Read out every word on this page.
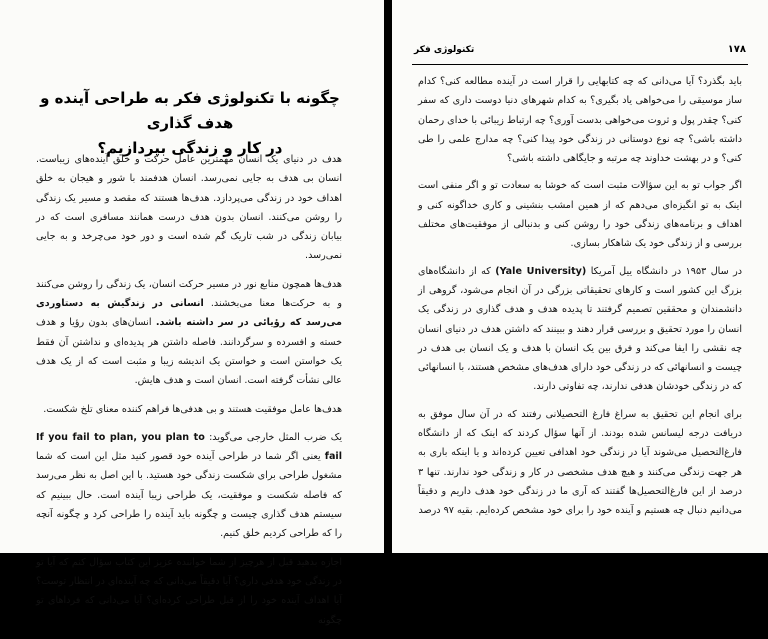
چگونه با تکنولوژی فکر به طراحی آینده و هدف گذاری
در کار و زندگی بپردازیم؟

هدف در دنیای یک انسان مهمترین عامل حرکت و خلق آینده‌های زیباست. انسان بی هدف به جایی نمی‌رسد. انسان هدفمند با شور و هیجان به خلق اهداف خود در زندگی می‌پردازد. هدف‌ها هستند که مقصد و مسیر یک زندگی را روشن می‌کنند. انسان بدون هدف درست همانند مسافری است که در بیابان زندگی در شب تاریک گم شده است و دور خود می‌چرخد و به جایی نمی‌رسد.

هدف‌ها همچون منابع نور در مسیر حرکت انسان، یک زندگی را روشن می‌کنند و به حرکت‌ها معنا می‌بخشند. انسانی در زندگیش به دستاوردی می‌رسد که رؤیائی در سر داشته باشد. انسان‌های بدون رؤیا و هدف خسته و افسرده و سرگردانند. فاصله داشتن هر پدیده‌ای و نداشتن آن فقط یک خواستن است و خواستن یک اندیشه زیبا و مثبت است که از یک هدف عالی نشأت گرفته است. انسان است و هدف هایش.

هدف‌ها عامل موفقیت هستند و بی هدفی‌ها فراهم کننده معنای تلخ شکست.

یک ضرب المثل خارجی می‌گوید: If you fail to plan, you plan to fail یعنی اگر شما در طراحی آینده خود قصور کنید مثل این است که شما مشغول طراحی برای شکست زندگی خود هستید. با این اصل به نظر می‌رسد که فاصله شکست و موفقیت، یک طراحی زیبا آینده است. حال ببینیم که سیستم هدف گذاری چیست و چگونه باید آینده را طراحی کرد و چگونه آنچه را که طراحی کردیم خلق کنیم.

اجازه بدهید قبل از هرچیز از شما خواننده عزیز این کتاب سؤال کنم که آیا تو در زندگی خود هدفی داری؟ آیا دقیقاً می‌دانی که چه آینده‌ای در انتظار توست؟ آیا اهداف آینده خود را از قبل طراحی کرده‌ای؟ آیا می‌دانی که فردا‌های تو چگونه

۱۷۸
تکنولوژی فکر

باید بگذرد؟ آیا می‌دانی که چه کتابهایی را قرار است در آینده مطالعه کنی؟ کدام ساز موسیقی را می‌خواهی یاد بگیری؟ به کدام شهرهای دنیا دوست داری که سفر کنی؟ چقدر پول و ثروت می‌خواهی بدست آوری؟ چه ارتباط زیبائی با خدای رحمان داشته باشی؟ چه نوع دوستانی در زندگی خود پیدا کنی؟ چه مدارج علمی را طی کنی؟ و در بهشت خداوند چه مرتبه و جایگاهی داشته باشی؟

اگر جواب تو به این سؤالات مثبت است که خوشا به سعادت تو و اگر منفی است اینک به تو انگیزه‌ای می‌دهم که از همین امشب بنشینی و کاری خداگونه کنی و اهداف و برنامه‌های زندگی خود را روشن کنی و بدنبالی از موفقیت‌های مختلف بررسی و از زندگی خود یک شاهکار بسازی.

در سال ۱۹۵۳ در دانشگاه ییل آمریکا (Yale University) که از دانشگاه‌های بزرگ این کشور است و کارهای تحقیقاتی بزرگی در آن انجام می‌شود، گروهی از دانشمندان و محققین تصمیم گرفتند تا پدیده هدف و هدف گذاری در زندگی یک انسان را مورد تحقیق و بررسی قرار دهند و ببینند که داشتن هدف در دنیای انسان چه نقشی را ایفا می‌کند و فرق بین یک انسان با هدف و یک انسان بی هدف در چیست و انسانهائی که در زندگی خود دارای هدف‌های مشخص هستند، با انسانهائی که در زندگی خودشان هدفی ندارند، چه تفاوتی دارند.

برای انجام این تحقیق به سراغ فارغ التحصیلانی رفتند که در آن سال موفق به دریافت درجه لیسانس شده بودند. از آنها سؤال کردند که اینک که از دانشگاه فارغ‌التحصیل می‌شوند آیا در زندگی خود اهدافی تعیین کرده‌اند و یا اینکه باری به هر جهت زندگی می‌کنند و هیچ هدف مشخصی در کار و زندگی خود ندارند. تنها ۳ درصد از این فارغ‌التحصیل‌ها گفتند که آری ما در زندگی خود هدف داریم و دقیقاً می‌دانیم دنبال چه هستیم و آینده خود را برای خود مشخص کرده‌ایم. بقیه ۹۷ درصد
